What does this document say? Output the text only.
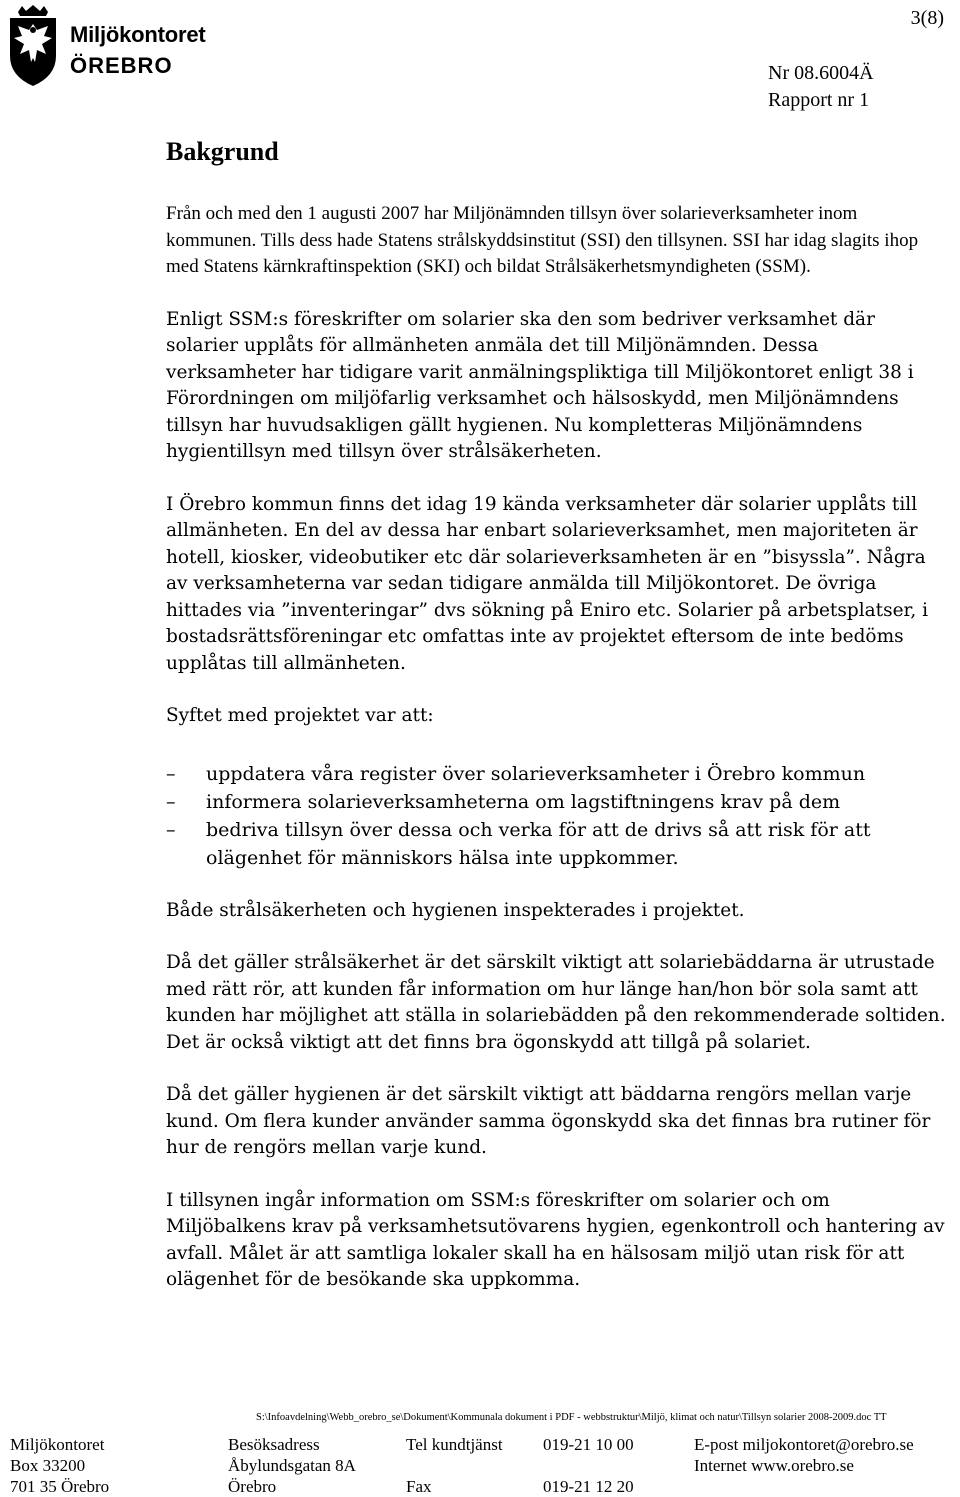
Miljökontoret
ÖREBRO
3(8)
Nr 08.6004Ä
Rapport nr 1
Bakgrund

Från och med den 1 augusti 2007 har Miljönämnden tillsyn över solarieverksamheter inom kommunen. Tills dess hade Statens strålskyddsinstitut (SSI) den tillsynen. SSI har idag slagits ihop med Statens kärnkraftinspektion (SKI) och bildat Strålsäkerhetsmyndigheten (SSM).

Enligt SSM:s föreskrifter om solarier ska den som bedriver verksamhet där solarier upplåts för allmänheten anmäla det till Miljönämnden. Dessa verksamheter har tidigare varit anmälningspliktiga till Miljökontoret enligt 38 i Förordningen om miljöfarlig verksamhet och hälsoskydd, men Miljönämndens tillsyn har huvudsakligen gällt hygienen. Nu kompletteras Miljönämndens hygientillsyn med tillsyn över strålsäkerheten.

I Örebro kommun finns det idag 19 kända verksamheter där solarier upplåts till allmänheten. En del av dessa har enbart solarieverksamhet, men majoriteten är hotell, kiosker, videobutiker etc där solarieverksamheten är en ”bisyssla”. Några av verksamheterna var sedan tidigare anmälda till Miljökontoret. De övriga hittades via ”inventeringar” dvs sökning på Eniro etc. Solarier på arbetsplatser, i bostadsrättsföreningar etc omfattas inte av projektet eftersom de inte bedöms upplåtas till allmänheten.

Syftet med projektet var att:

– uppdatera våra register över solarieverksamheter i Örebro kommun
– informera solarieverksamheterna om lagstiftningens krav på dem
– bedriva tillsyn över dessa och verka för att de drivs så att risk för att olägenhet för människors hälsa inte uppkommer.

Både strålsäkerheten och hygienen inspekterades i projektet.

Då det gäller strålsäkerhet är det särskilt viktigt att solariebäddarna är utrustade med rätt rör, att kunden får information om hur länge han/hon bör sola samt att kunden har möjlighet att ställa in solariebädden på den rekommenderade soltiden. Det är också viktigt att det finns bra ögonskydd att tillgå på solariet.

Då det gäller hygienen är det särskilt viktigt att bäddarna rengörs mellan varje kund. Om flera kunder använder samma ögonskydd ska det finnas bra rutiner för hur de rengörs mellan varje kund.

I tillsynen ingår information om SSM:s föreskrifter om solarier och om Miljöbalkens krav på verksamhetsutövarens hygien, egenkontroll och hantering av avfall. Målet är att samtliga lokaler skall ha en hälsosam miljö utan risk för att olägenhet för de besökande ska uppkomma.

S:\Infoavdelning\Webb_orebro_se\Dokument\Kommunala dokument i PDF - webbstruktur\Miljö, klimat och natur\Tillsyn solarier 2008-2009.doc TT
Miljökontoret
Box 33200
701 35 Örebro
Besöksadress
Åbylundsgatan 8A
Örebro
Tel kundtjänst
Fax
019-21 10 00
019-21 12 20
E-post miljokontoret@orebro.se
Internet www.orebro.se
